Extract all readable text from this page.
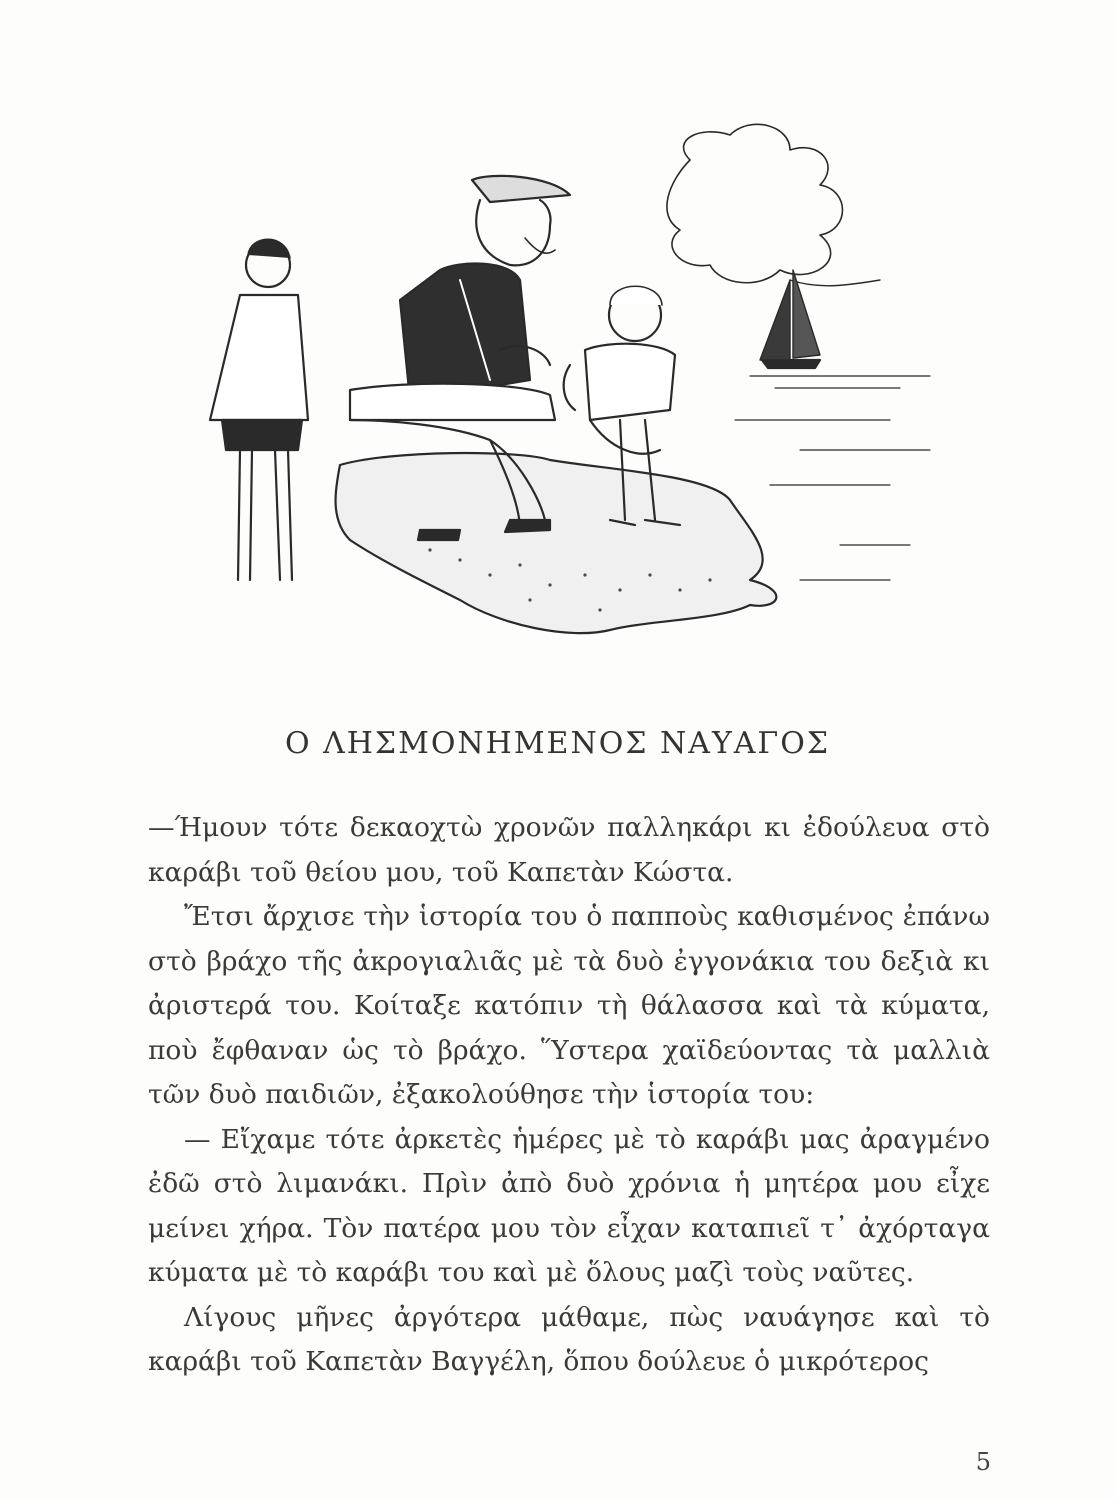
Ο ΛΗΣΜΟΝΗΜΕΝΟΣ ΝΑΥΑΓΟΣ

—Ήμουν τότε δεκαοχτὼ χρονῶν παλληκάρι κι ἐδούλευα στὸ καράβι τοῦ θείου μου, τοῦ Καπετὰν Κώστα.

Ἔτσι ἄρχισε τὴν ἱστορία του ὁ παπποὺς καθισμένος ἐπάνω στὸ βράχο τῆς ἀκρογιαλιᾶς μὲ τὰ δυὸ ἐγγονάκια του δεξιὰ κι ἀριστερά του. Κοίταξε κατόπιν τὴ θάλασσα καὶ τὰ κύματα, ποὺ ἔφθαναν ὡς τὸ βράχο. Ὕστερα χαϊδεύοντας τὰ μαλλιὰ τῶν δυὸ παιδιῶν, ἐξακολούθησε τὴν ἱστορία του:

— Εἴχαμε τότε ἀρκετὲς ἡμέρες μὲ τὸ καράβι μας ἀραγμένο ἐδῶ στὸ λιμανάκι. Πρὶν ἀπὸ δυὸ χρόνια ἡ μητέρα μου εἶχε μείνει χήρα. Τὸν πατέρα μου τὸν εἶχαν καταπιεῖ τ᾿ ἀχόρταγα κύματα μὲ τὸ καράβι του καὶ μὲ ὅλους μαζὶ τοὺς ναῦτες.

Λίγους μῆνες ἀργότερα μάθαμε, πὼς ναυάγησε καὶ τὸ καράβι τοῦ Καπετὰν Βαγγέλη, ὅπου δούλευε ὁ μικρότερος

5
